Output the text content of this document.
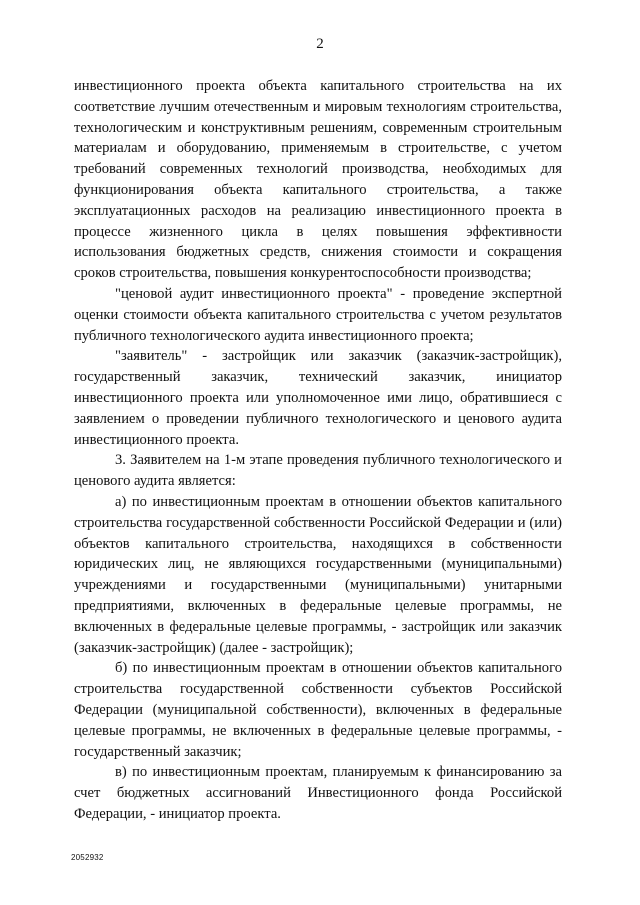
2

инвестиционного проекта объекта капитального строительства на их соответствие лучшим отечественным и мировым технологиям строительства, технологическим и конструктивным решениям, современным строительным материалам и оборудованию, применяемым в строительстве, с учетом требований современных технологий производства, необходимых для функционирования объекта капитального строительства, а также эксплуатационных расходов на реализацию инвестиционного проекта в процессе жизненного цикла в целях повышения эффективности использования бюджетных средств, снижения стоимости и сокращения сроков строительства, повышения конкурентоспособности производства;

"ценовой аудит инвестиционного проекта" - проведение экспертной оценки стоимости объекта капитального строительства с учетом результатов публичного технологического аудита инвестиционного проекта;

"заявитель" - застройщик или заказчик (заказчик-застройщик), государственный заказчик, технический заказчик, инициатор инвестиционного проекта или уполномоченное ими лицо, обратившиеся с заявлением о проведении публичного технологического и ценового аудита инвестиционного проекта.

3. Заявителем на 1-м этапе проведения публичного технологического и ценового аудита является:

а) по инвестиционным проектам в отношении объектов капитального строительства государственной собственности Российской Федерации и (или) объектов капитального строительства, находящихся в собственности юридических лиц, не являющихся государственными (муниципальными) учреждениями и государственными (муниципальными) унитарными предприятиями, включенных в федеральные целевые программы, не включенных в федеральные целевые программы, - застройщик или заказчик (заказчик-застройщик) (далее - застройщик);

б) по инвестиционным проектам в отношении объектов капитального строительства государственной собственности субъектов Российской Федерации (муниципальной собственности), включенных в федеральные целевые программы, не включенных в федеральные целевые программы, - государственный заказчик;

в) по инвестиционным проектам, планируемым к финансированию за счет бюджетных ассигнований Инвестиционного фонда Российской Федерации, - инициатор проекта.

2052932
